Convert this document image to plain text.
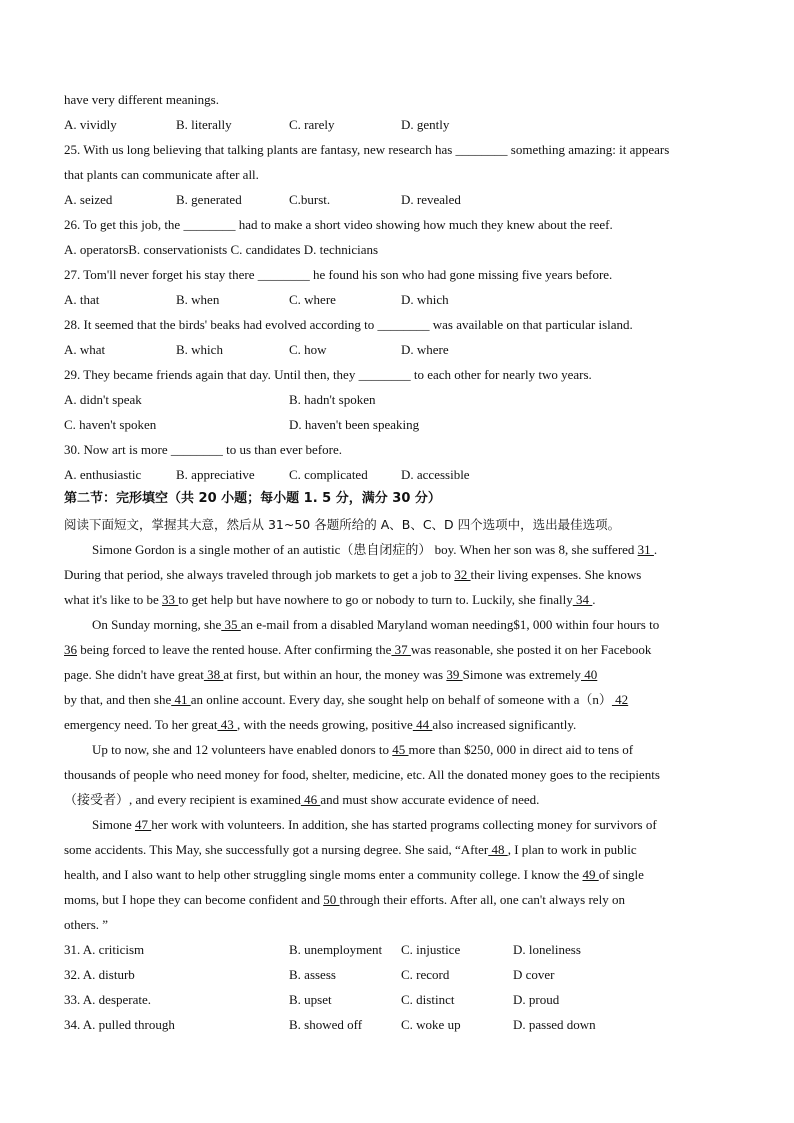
have very different meanings.
A. vividly	B. literally	C. rarely	D. gently
25. With us long believing that talking plants are fantasy, new research has ________ something amazing: it appears
that plants can communicate after all.
A. seized	B. generated	C.burst.	D. revealed
26. To get this job, the ________ had to make a short video showing how much they knew about the reef.
A. operatorsB. conservationists C. candidates D. technicians
27. Tom'll never forget his stay there ________ he found his son who had gone missing five years before.
A. that	B. when	C. where	D. which
28. It seemed that the birds' beaks had evolved according to ________ was available on that particular island.
A. what	B. which	C. how	D. where
29. They became friends again that day. Until then, they ________ to each other for nearly two years.
A. didn't speak	B. hadn't spoken
C. haven't spoken	D. haven't been speaking
30. Now art is more ________ to us than ever before.
A. enthusiastic	B. appreciative	C. complicated	D. accessible
第二节：完形填空（共 20 小题；每小题 1. 5 分，满分 30 分）
阅读下面短文，掌握其大意，然后从 31~50 各题所给的 A、B、C、D 四个选项中，选出最佳选项。
Simone Gordon is a single mother of an autistic（患自闭症的） boy. When her son was 8, she suffered 31 .
During that period, she always traveled through job markets to get a job to 32 their living expenses. She knows
what it's like to be 33 to get help but have nowhere to go or nobody to turn to. Luckily, she finally 34 .
On Sunday morning, she 35 an e-mail from a disabled Maryland woman needing$1, 000 within four hours to
36 being forced to leave the rented house. After confirming the 37 was reasonable, she posted it on her Facebook
page. She didn't have great 38 at first, but within an hour, the money was 39 Simone was extremely 40
by that, and then she 41 an online account. Every day, she sought help on behalf of someone with a（n） 42
emergency need. To her great 43 , with the needs growing, positive 44 also increased significantly.
Up to now, she and 12 volunteers have enabled donors to 45 more than $250, 000 in direct aid to tens of
thousands of people who need money for food, shelter, medicine, etc. All the donated money goes to the recipients
（接受者）, and every recipient is examined 46 and must show accurate evidence of need.
Simone 47 her work with volunteers. In addition, she has started programs collecting money for survivors of
some accidents. This May, she successfully got a nursing degree. She said, “After 48 , I plan to work in public
health, and I also want to help other struggling single moms enter a community college. I know the 49 of single
moms, but I hope they can become confident and 50 through their efforts. After all, one can't always rely on
others. ”
31. A. criticism	B. unemployment C. injustice	D. loneliness
32. A. disturb	B. assess	C. record	D cover
33. A. desperate.	B. upset	C. distinct	D. proud
34. A. pulled through	B. showed off	C. woke up	D. passed down
